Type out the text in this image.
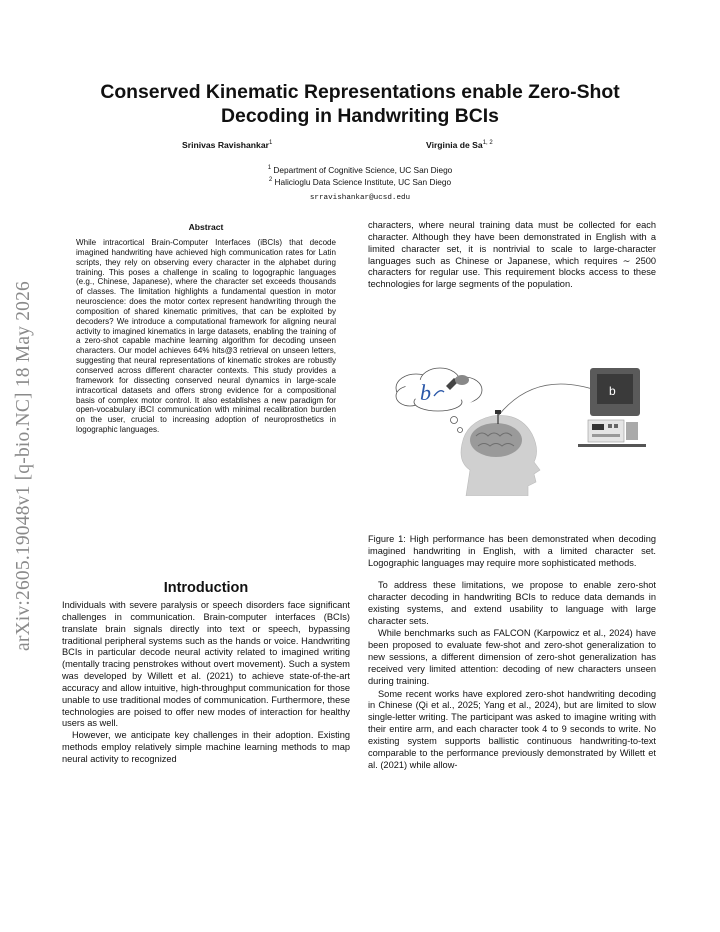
arXiv:2605.19048v1 [q-bio.NC] 18 May 2026
Conserved Kinematic Representations enable Zero-Shot Decoding in Handwriting BCIs
Srinivas Ravishankar$^1$	Virginia de Sa$^{1, 2}$
$^1$ Department of Cognitive Science, UC San Diego
$^2$ Halicioglu Data Science Institute, UC San Diego
srravishankar@ucsd.edu
Abstract

While intracortical Brain-Computer Interfaces (iBCIs) that decode imagined handwriting have achieved high communication rates for Latin scripts, they rely on observing every character in the alphabet during training. This poses a challenge in scaling to logographic languages (e.g., Chinese, Japanese), where the character set exceeds thousands of classes. The limitation highlights a fundamental question in motor neuroscience: does the motor cortex represent handwriting through the composition of shared kinematic primitives, that can be exploited by decoders? We introduce a computational framework for aligning neural activity to imagined kinematics in large datasets, enabling the training of a zero-shot capable machine learning algorithm for decoding unseen characters. Our model achieves 64% hits@3 retrieval on unseen letters, suggesting that neural representations of kinematic strokes are robustly conserved across different character contexts. This study provides a framework for dissecting conserved neural dynamics in large-scale intracortical datasets and offers strong evidence for a compositional basis of complex motor control. It also establishes a new paradigm for open-vocabulary iBCI communication with minimal recalibration burden on the user, crucial to increasing adoption of neuroprosthetics in logographic languages.

Introduction

Individuals with severe paralysis or speech disorders face significant challenges in communication. Brain-computer interfaces (BCIs) translate brain signals directly into text or speech, bypassing traditional peripheral systems such as the hands or voice. Handwriting BCIs in particular decode neural activity related to imagined writing (mentally tracing penstrokes without overt movement). Such a system was developed by Willett et al. (2021) to achieve state-of-the-art accuracy and allow intuitive, high-throughput communication for those unable to use traditional modes of communication. Furthermore, these technologies are poised to offer new modes of interaction for healthy users as well.

However, we anticipate key challenges in their adoption. Existing methods employ relatively simple machine learning methods to map neural activity to recognized

characters, where neural training data must be collected for each character. Although they have been demonstrated in English with a limited character set, it is nontrivial to scale to large-character languages such as Chinese or Japanese, which requires ∼ 2500 characters for regular use. This requirement blocks access to these technologies for large segments of the population.

b	b

Figure 1: High performance has been demonstrated when decoding imagined handwriting in English, with a limited character set. Logographic languages may require more sophisticated methods.

To address these limitations, we propose to enable zero-shot character decoding in handwriting BCIs to reduce data demands in existing systems, and extend usability to language with large character sets.

While benchmarks such as FALCON (Karpowicz et al., 2024) have been proposed to evaluate few-shot and zero-shot generalization to new sessions, a different dimension of zero-shot generalization has received very limited attention: decoding of new characters unseen during training.

Some recent works have explored zero-shot handwriting decoding in Chinese (Qi et al., 2025; Yang et al., 2024), but are limited to slow single-letter writing. The participant was asked to imagine writing with their entire arm, and each character took 4 to 9 seconds to write. No existing system supports ballistic continuous handwriting-to-text comparable to the performance previously demonstrated by Willett et al. (2021) while allow-
